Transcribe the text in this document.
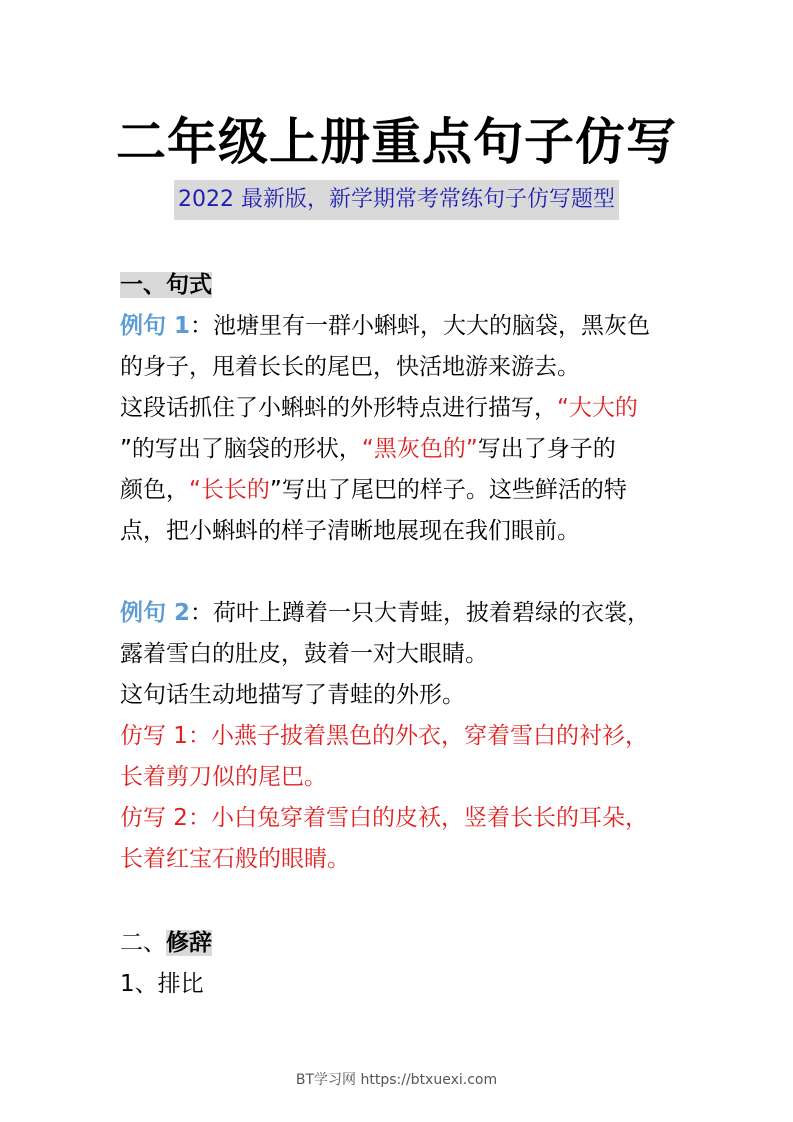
二年级上册重点句子仿写
2022 最新版，新学期常考常练句子仿写题型
一、句式
例句 1：池塘里有一群小蝌蚪，大大的脑袋，黑灰色
的身子，甩着长长的尾巴，快活地游来游去。
这段话抓住了小蝌蚪的外形特点进行描写，“大大的
”的写出了脑袋的形状，“黑灰色的”写出了身子的
颜色，“长长的”写出了尾巴的样子。这些鲜活的特
点，把小蝌蚪的样子清晰地展现在我们眼前。
例句 2：荷叶上蹲着一只大青蛙，披着碧绿的衣裳，
露着雪白的肚皮，鼓着一对大眼睛。
这句话生动地描写了青蛙的外形。
仿写 1：小燕子披着黑色的外衣，穿着雪白的衬衫，
长着剪刀似的尾巴。
仿写 2：小白兔穿着雪白的皮袄，竖着长长的耳朵，
长着红宝石般的眼睛。
二、修辞
1、排比
BT学习网 https://btxuexi.com
